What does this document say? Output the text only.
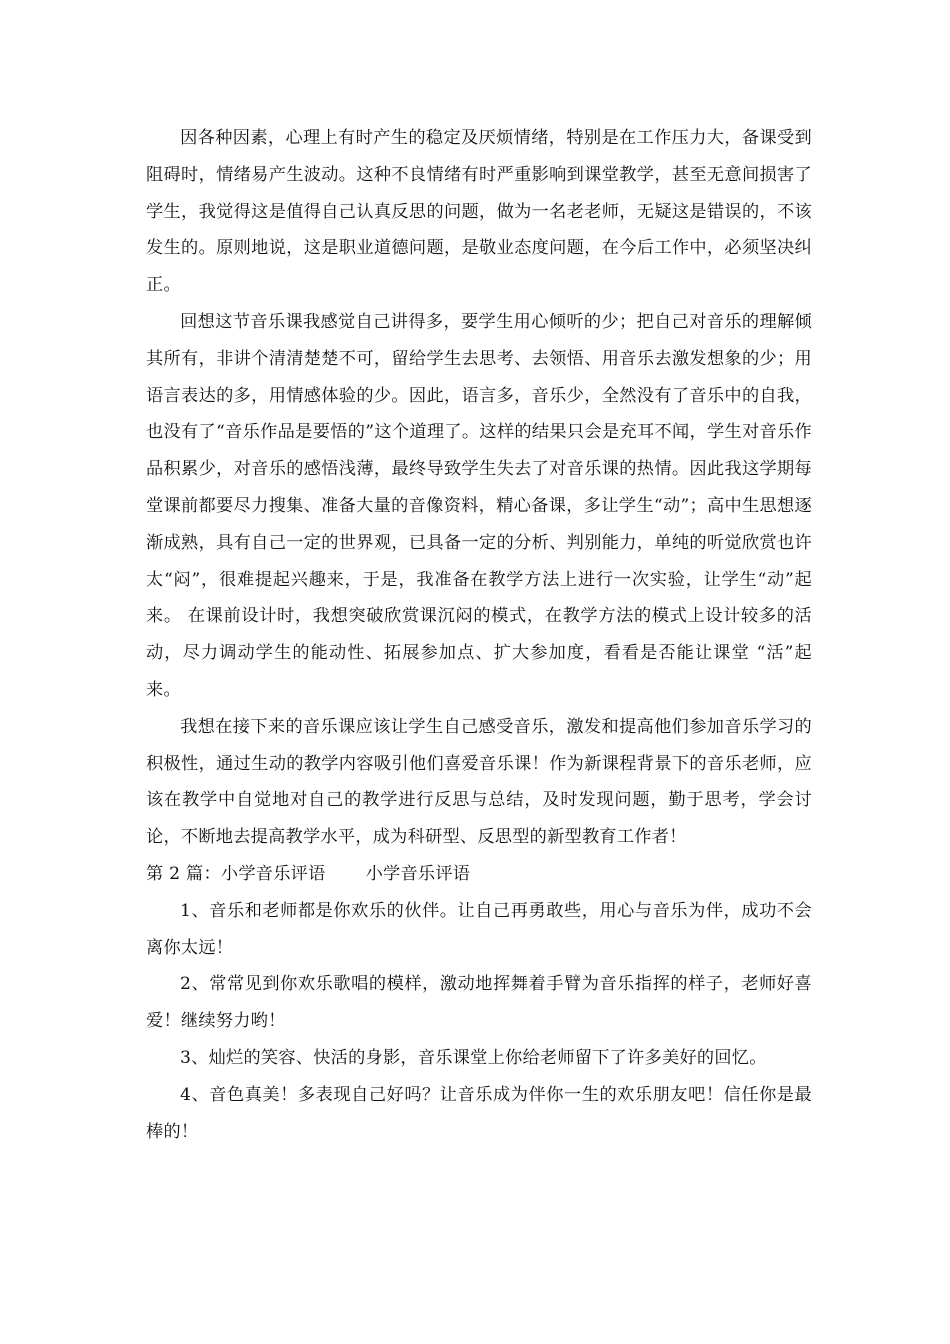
因各种因素，心理上有时产生的稳定及厌烦情绪，特别是在工作压力大，备课受到阻碍时，情绪易产生波动。这种不良情绪有时严重影响到课堂教学，甚至无意间损害了学生，我觉得这是值得自己认真反思的问题，做为一名老老师，无疑这是错误的，不该发生的。原则地说，这是职业道德问题，是敬业态度问题，在今后工作中，必须坚决纠正。

回想这节音乐课我感觉自己讲得多，要学生用心倾听的少；把自己对音乐的理解倾其所有，非讲个清清楚楚不可，留给学生去思考、去领悟、用音乐去激发想象的少；用语言表达的多，用情感体验的少。因此，语言多，音乐少，全然没有了音乐中的自我，也没有了“音乐作品是要悟的”这个道理了。这样的结果只会是充耳不闻，学生对音乐作品积累少，对音乐的感悟浅薄，最终导致学生失去了对音乐课的热情。因此我这学期每堂课前都要尽力搜集、准备大量的音像资料，精心备课，多让学生“动”；高中生思想逐渐成熟，具有自己一定的世界观，已具备一定的分析、判别能力，单纯的听觉欣赏也许太“闷”，很难提起兴趣来，于是，我准备在教学方法上进行一次实验，让学生“动”起来。 在课前设计时，我想突破欣赏课沉闷的模式，在教学方法的模式上设计较多的活动，尽力调动学生的能动性、拓展参加点、扩大参加度，看看是否能让课堂 “活”起来。

我想在接下来的音乐课应该让学生自己感受音乐，激发和提高他们参加音乐学习的积极性，通过生动的教学内容吸引他们喜爱音乐课！作为新课程背景下的音乐老师，应该在教学中自觉地对自己的教学进行反思与总结，及时发现问题，勤于思考，学会讨论，不断地去提高教学水平，成为科研型、反思型的新型教育工作者！

第 2 篇：小学音乐评语 小学音乐评语

1、音乐和老师都是你欢乐的伙伴。让自己再勇敢些，用心与音乐为伴，成功不会离你太远！

2、常常见到你欢乐歌唱的模样，激动地挥舞着手臂为音乐指挥的样子，老师好喜爱！继续努力哟！

3、灿烂的笑容、快活的身影，音乐课堂上你给老师留下了许多美好的回忆。

4、音色真美！多表现自己好吗？让音乐成为伴你一生的欢乐朋友吧！信任你是最棒的！
